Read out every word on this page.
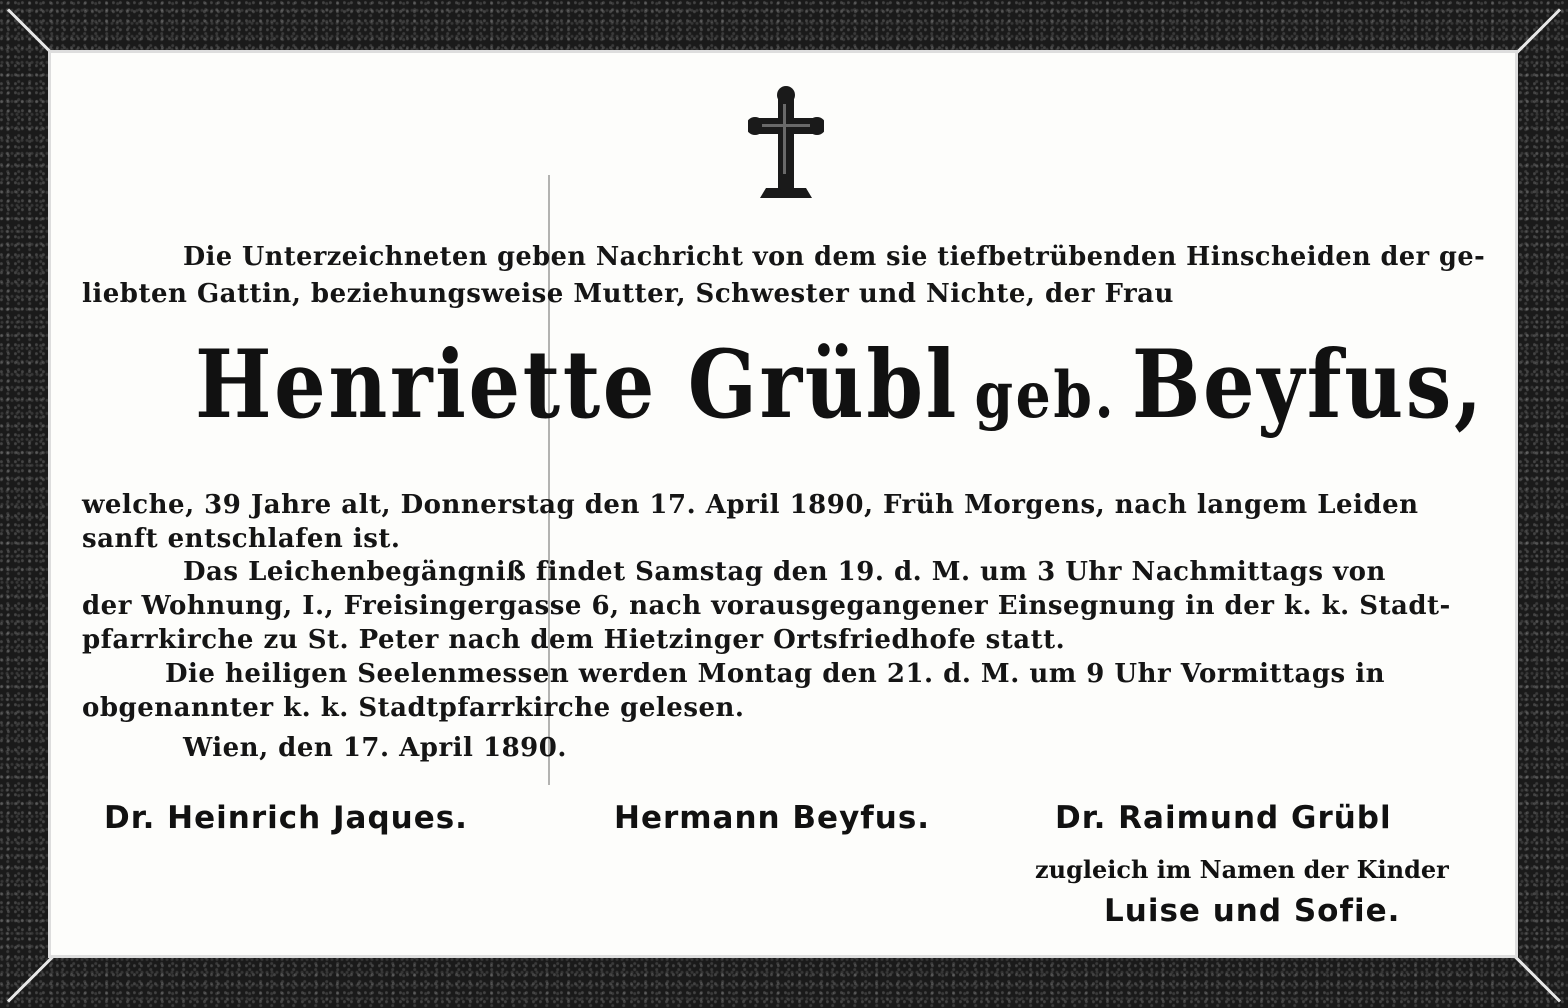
Die Unterzeichneten geben Nachricht von dem sie tiefbetrübenden Hinscheiden der ge-
liebten Gattin, beziehungsweise Mutter, Schwester und Nichte, der Frau
Henriette Grübl geb. Beyfus,
welche, 39 Jahre alt, Donnerstag den 17. April 1890, Früh Morgens, nach langem Leiden
sanft entschlafen ist.
Das Leichenbegängniß findet Samstag den 19. d. M. um 3 Uhr Nachmittags von
der Wohnung, I., Freisingergasse 6, nach vorausgegangener Einsegnung in der k. k. Stadt-
pfarrkirche zu St. Peter nach dem Hietzinger Ortsfriedhofe statt.
Die heiligen Seelenmessen werden Montag den 21. d. M. um 9 Uhr Vormittags in
obgenannter k. k. Stadtpfarrkirche gelesen.
Wien, den 17. April 1890.
Dr. Heinrich Jaques.	Hermann Beyfus.	Dr. Raimund Grübl
zugleich im Namen der Kinder
Luise und Sofie.
